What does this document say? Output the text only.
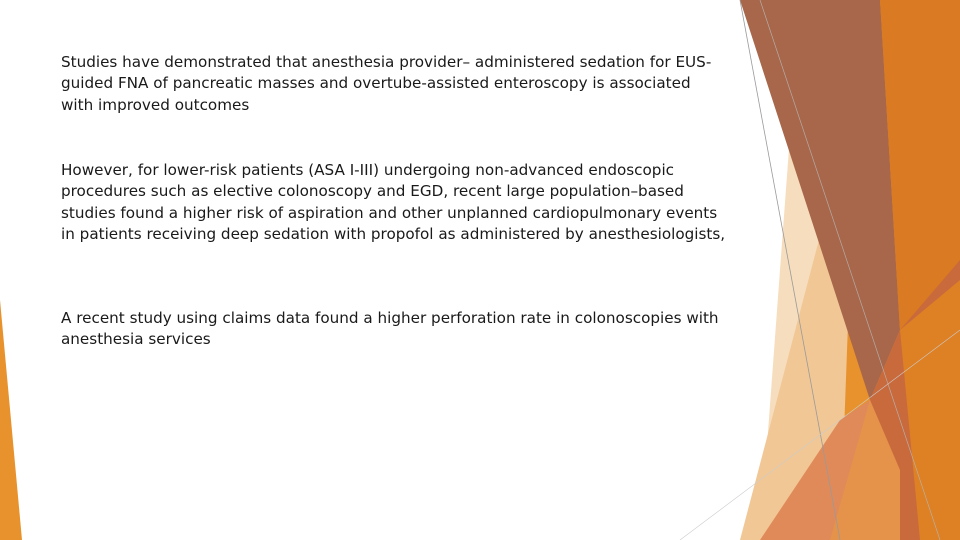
Studies have demonstrated that anesthesia provider– administered sedation for EUS-guided FNA of pancreatic masses and overtube-assisted enteroscopy is associated with improved outcomes

However, for lower-risk patients (ASA I-III) undergoing non-advanced endoscopic procedures such as elective colonoscopy and EGD, recent large population–based studies found a higher risk of aspiration and other unplanned cardiopulmonary events in patients receiving deep sedation with propofol as administered by anesthesiologists,

A recent study using claims data found a higher perforation rate in colonoscopies with anesthesia services
